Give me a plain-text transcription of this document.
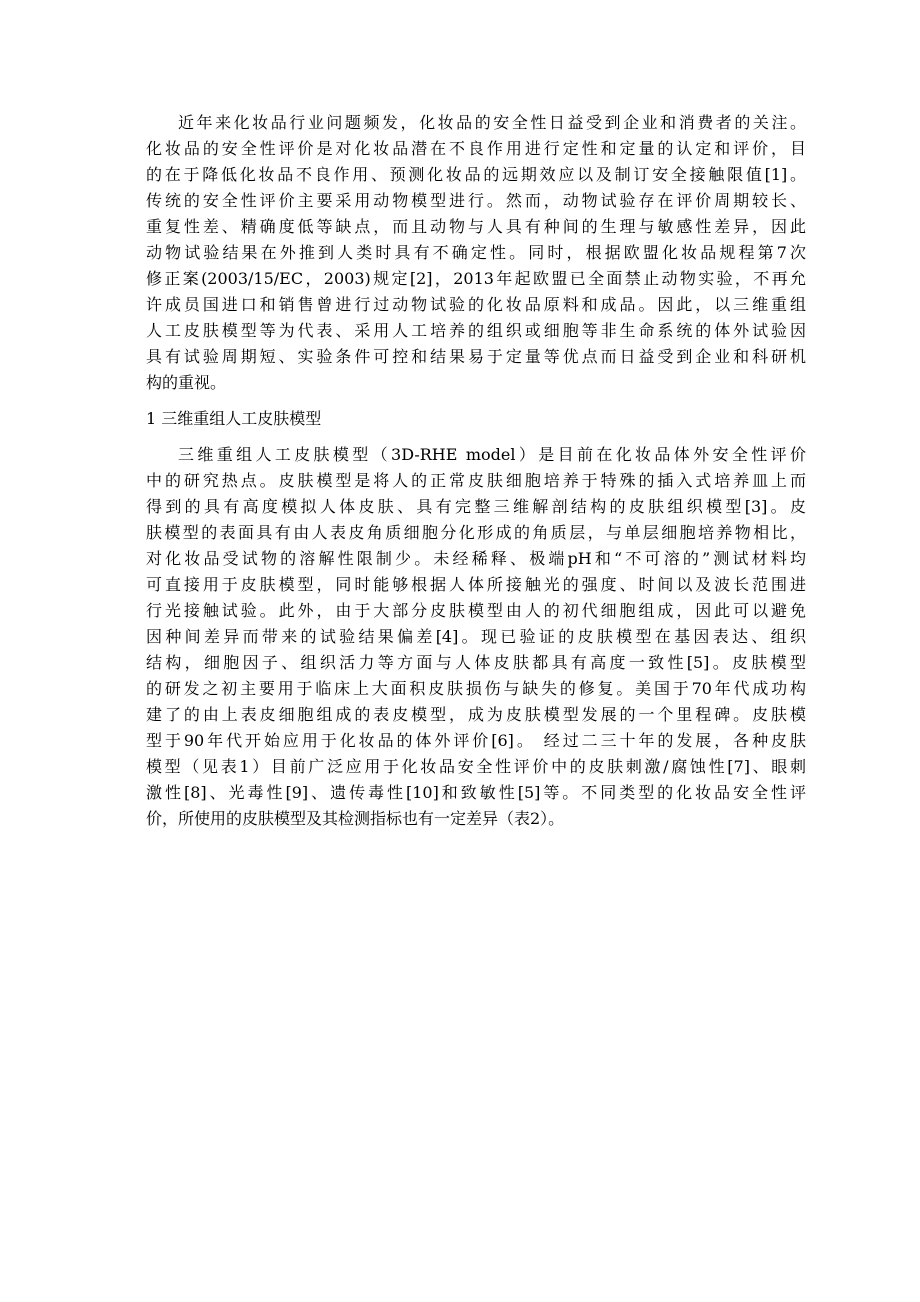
近年来化妆品行业问题频发，化妆品的安全性日益受到企业和消费者的关注。
化妆品的安全性评价是对化妆品潜在不良作用进行定性和定量的认定和评价，目
的在于降低化妆品不良作用、预测化妆品的远期效应以及制订安全接触限值[1]。
传统的安全性评价主要采用动物模型进行。然而，动物试验存在评价周期较长、
重复性差、精确度低等缺点，而且动物与人具有种间的生理与敏感性差异，因此
动物试验结果在外推到人类时具有不确定性。同时，根据欧盟化妆品规程第7次
修正案(2003/15/EC，2003)规定[2]，2013年起欧盟已全面禁止动物实验，不再允
许成员国进口和销售曾进行过动物试验的化妆品原料和成品。因此，以三维重组
人工皮肤模型等为代表、采用人工培养的组织或细胞等非生命系统的体外试验因
具有试验周期短、实验条件可控和结果易于定量等优点而日益受到企业和科研机
构的重视。
1 三维重组人工皮肤模型
三维重组人工皮肤模型（3D-RHE model）是目前在化妆品体外安全性评价
中的研究热点。皮肤模型是将人的正常皮肤细胞培养于特殊的插入式培养皿上而
得到的具有高度模拟人体皮肤、具有完整三维解剖结构的皮肤组织模型[3]。皮
肤模型的表面具有由人表皮角质细胞分化形成的角质层，与单层细胞培养物相比，
对化妆品受试物的溶解性限制少。未经稀释、极端pH和“不可溶的”测试材料均
可直接用于皮肤模型，同时能够根据人体所接触光的强度、时间以及波长范围进
行光接触试验。此外，由于大部分皮肤模型由人的初代细胞组成，因此可以避免
因种间差异而带来的试验结果偏差[4]。现已验证的皮肤模型在基因表达、组织
结构，细胞因子、组织活力等方面与人体皮肤都具有高度一致性[5]。皮肤模型
的研发之初主要用于临床上大面积皮肤损伤与缺失的修复。美国于70年代成功构
建了的由上表皮细胞组成的表皮模型，成为皮肤模型发展的一个里程碑。皮肤模
型于90年代开始应用于化妆品的体外评价[6]。 经过二三十年的发展，各种皮肤
模型（见表1）目前广泛应用于化妆品安全性评价中的皮肤刺激/腐蚀性[7]、眼刺
激性[8]、光毒性[9]、遗传毒性[10]和致敏性[5]等。不同类型的化妆品安全性评
价，所使用的皮肤模型及其检测指标也有一定差异（表2）。
